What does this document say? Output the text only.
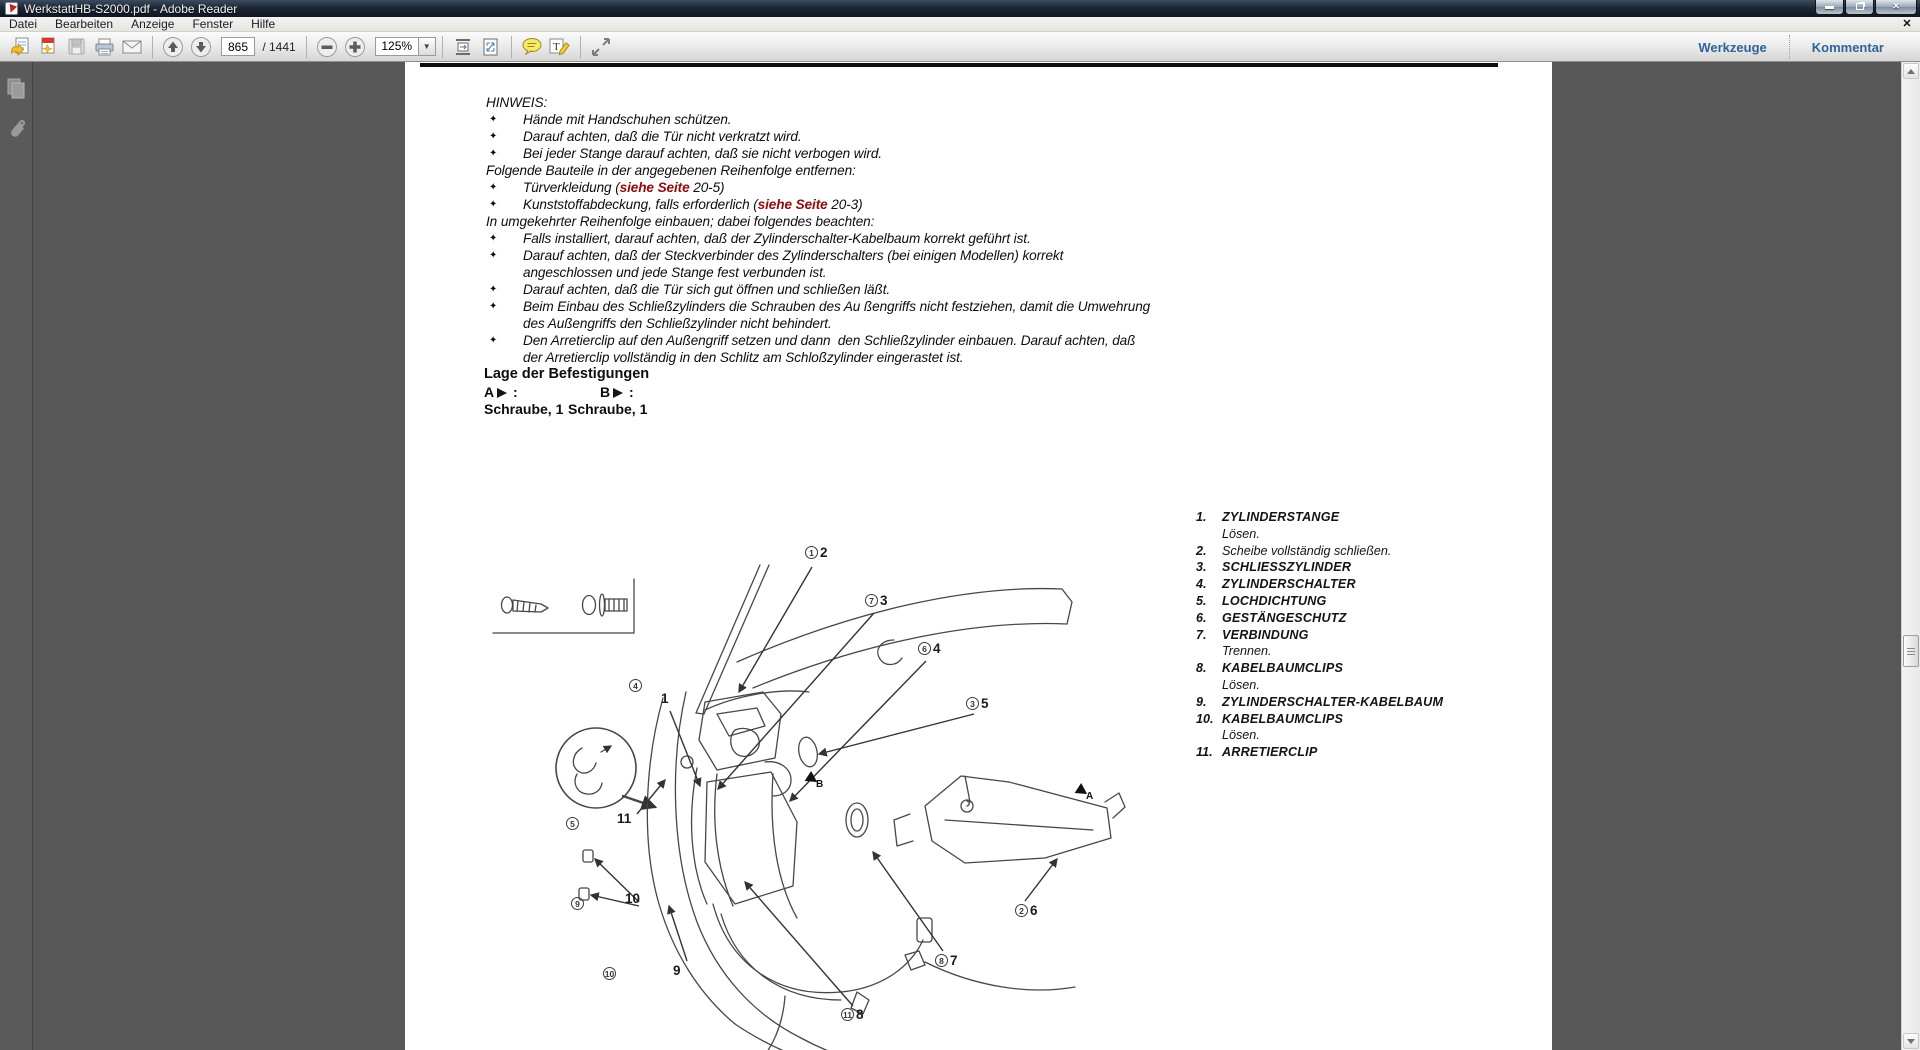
WerkstattHB-S2000.pdf - Adobe Reader	✕
Datei	Bearbeiten	Anzeige	Fenster	Hilfe	✕
865
/ 1441	125%	▼	T	Werkzeuge	Kommentar
HINWEIS:
✦ Hände mit Handschuhen schützen.
✦ Darauf achten, daß die Tür nicht verkratzt wird.
✦ Bei jeder Stange darauf achten, daß sie nicht verbogen wird.
Folgende Bauteile in der angegebenen Reihenfolge entfernen:
✦ Türverkleidung (siehe Seite 20-5)
✦ Kunststoffabdeckung, falls erforderlich (siehe Seite 20-3)
In umgekehrter Reihenfolge einbauen; dabei folgendes beachten:
✦ Falls installiert, darauf achten, daß der Zylinderschalter-Kabelbaum korrekt geführt ist.
✦ Darauf achten, daß der Steckverbinder des Zylinderschalters (bei einigen Modellen) korrekt
angeschlossen und jede Stange fest verbunden ist.
✦ Darauf achten, daß die Tür sich gut öffnen und schließen läßt.
✦ Beim Einbau des Schließzylinders die Schrauben des Au ßengriffs nicht festziehen, damit die Umwehrung
des Außengriffs den Schließzylinder nicht behindert.
✦ Den Arretierclip auf den Außengriff setzen und dann  den Schließzylinder einbauen. Darauf achten, daß
der Arretierclip vollständig in den Schlitz am Schloßzylinder eingerastet ist.
Lage der Befestigungen
A :	B :
Schraube, 1 Schraube, 1
1. ZYLINDERSTANGE
Lösen.
2. Scheibe vollständig schließen.
3. SCHLIESSZYLINDER
4. ZYLINDERSCHALTER
5. LOCHDICHTUNG
6. GESTÄNGESCHUTZ
7. VERBINDUNG
Trennen.
8. KABELBAUMCLIPS
Lösen.
9. ZYLINDERSCHALTER-KABELBAUM
10. KABELBAUMCLIPS
Lösen.
11. ARRETIERCLIP
1 2
7 3
6 4
3 5
4
1
5	11
9	10
10	9
11 8
8 7
2 6
A
B
